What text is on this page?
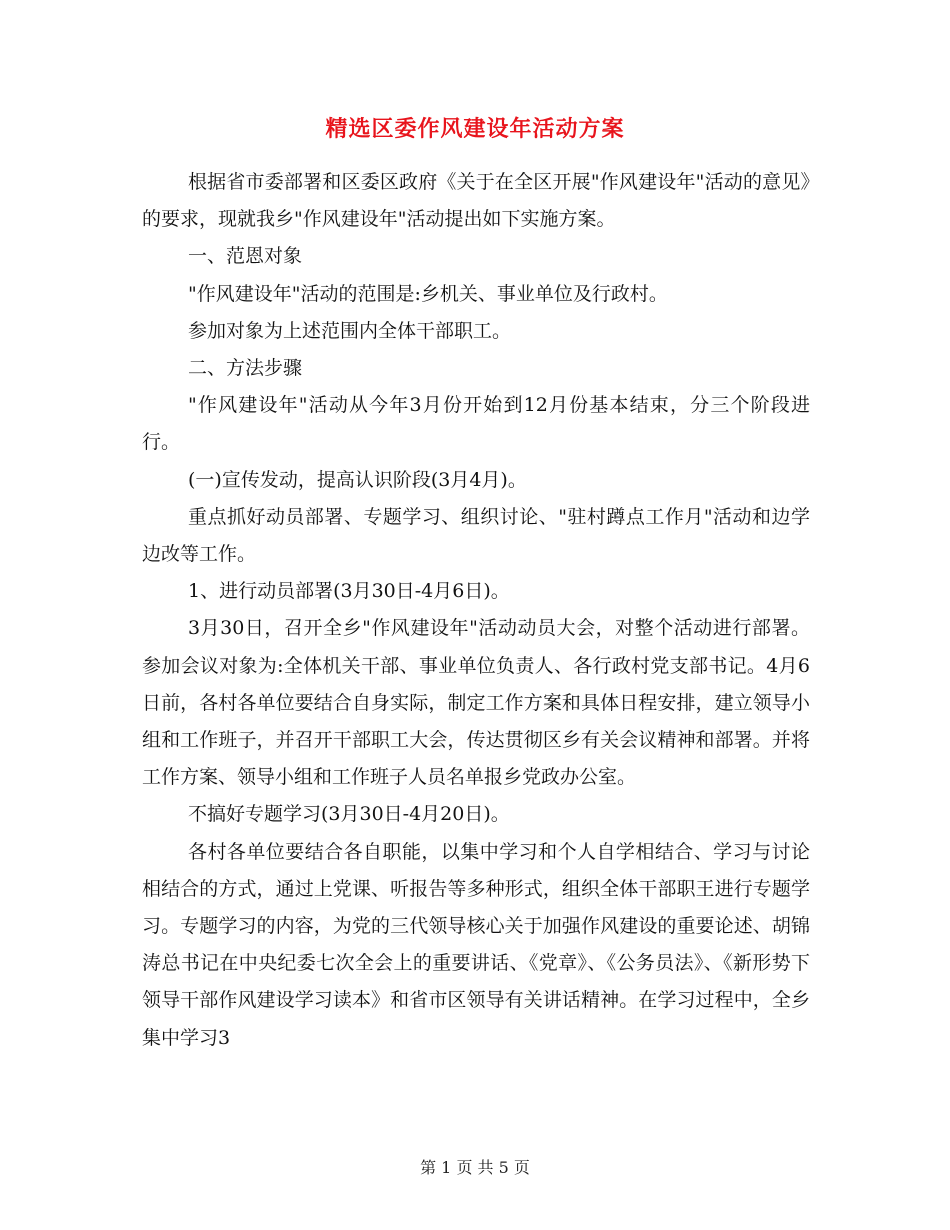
精选区委作风建设年活动方案

根据省市委部署和区委区政府《关于在全区开展"作风建设年"活动的意见》的要求，现就我乡"作风建设年"活动提出如下实施方案。

一、范恩对象

"作风建设年"活动的范围是:乡机关、事业单位及行政村。

参加对象为上述范围内全体干部职工。

二、方法步骤

"作风建设年"活动从今年3月份开始到12月份基本结束，分三个阶段进行。

(一)宣传发动，提高认识阶段(3月4月)。

重点抓好动员部署、专题学习、组织讨论、"驻村蹲点工作月"活动和边学边改等工作。

1、进行动员部署(3月30日-4月6日)。

3月30日，召开全乡"作风建设年"活动动员大会，对整个活动进行部署。参加会议对象为:全体机关干部、事业单位负责人、各行政村党支部书记。4月6日前，各村各单位要结合自身实际，制定工作方案和具体日程安排，建立领导小组和工作班子，并召开干部职工大会，传达贯彻区乡有关会议精神和部署。并将工作方案、领导小组和工作班子人员名单报乡党政办公室。

不搞好专题学习(3月30日-4月20日)。

各村各单位要结合各自职能，以集中学习和个人自学相结合、学习与讨论相结合的方式，通过上党课、听报告等多种形式，组织全体干部职王进行专题学习。专题学习的内容，为党的三代领导核心关于加强作风建设的重要论述、胡锦涛总书记在中央纪委七次全会上的重要讲话、《党章》、《公务员法》、《新形势下领导干部作风建设学习读本》和省市区领导有关讲话精神。在学习过程中，全乡集中学习3

第 1 页 共 5 页
